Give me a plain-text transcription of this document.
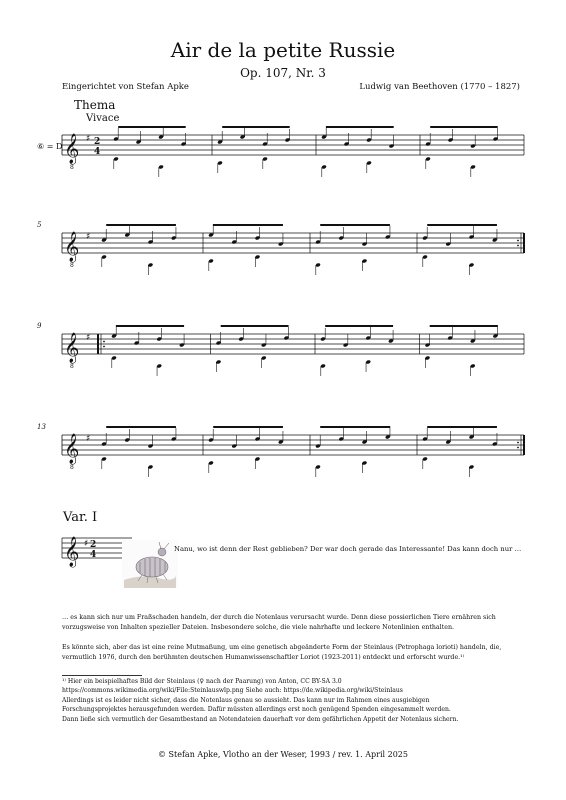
Air de la petite Russie
Op. 107, Nr. 3
Eingerichtet von Stefan Apke	Ludwig van Beethoven (1770 – 1827)
Thema
Vivace
⑥ = D
5
9
13
𝄞 ♯ 2
4
8
𝄞 ♯
8
𝄞 ♯
8
𝄞 ♯
8
Var. I
𝄞 ♯ 2
4
Nanu, wo ist denn der Rest geblieben? Der war doch gerade das Interessante! Das kann doch nur …
… es kann sich nur um Fraßschaden handeln, der durch die Notenlaus verursacht wurde. Denn diese possierlichen Tiere ernähren sich vorzugsweise von Inhalten spezieller Dateien. Insbesondere solche, die viele nahrhafte und leckere Notenlinien enthalten.
Es könnte sich, aber das ist eine reine Mutmaßung, um eine genetisch abgeänderte Form der Steinlaus (Petrophaga lorioti) handeln, die, vermutlich 1976, durch den berühmten deutschen Humanwissenschaftler Loriot (1923-2011) entdeckt und erforscht wurde.¹⁾
¹⁾ Hier ein beispielhaftes Bild der Steinlaus (♀ nach der Paarung) von Anton, CC BY-SA 3.0
https://commons.wikimedia.org/wiki/File:Steinlauswlp.png Siehe auch: https://de.wikipedia.org/wiki/Steinlaus
Allerdings ist es leider nicht sicher, dass die Notenlaus genau so aussieht. Das kann nur im Rahmen eines ausgiebigen
Forschungsprojektes herausgefunden werden. Dafür müssten allerdings erst noch genügend Spenden eingesammelt werden.
Dann ließe sich vermutlich der Gesamtbestand an Notendateien dauerhaft vor dem gefährlichen Appetit der Notenlaus sichern.
© Stefan Apke, Vlotho an der Weser, 1993 / rev. 1. April 2025
